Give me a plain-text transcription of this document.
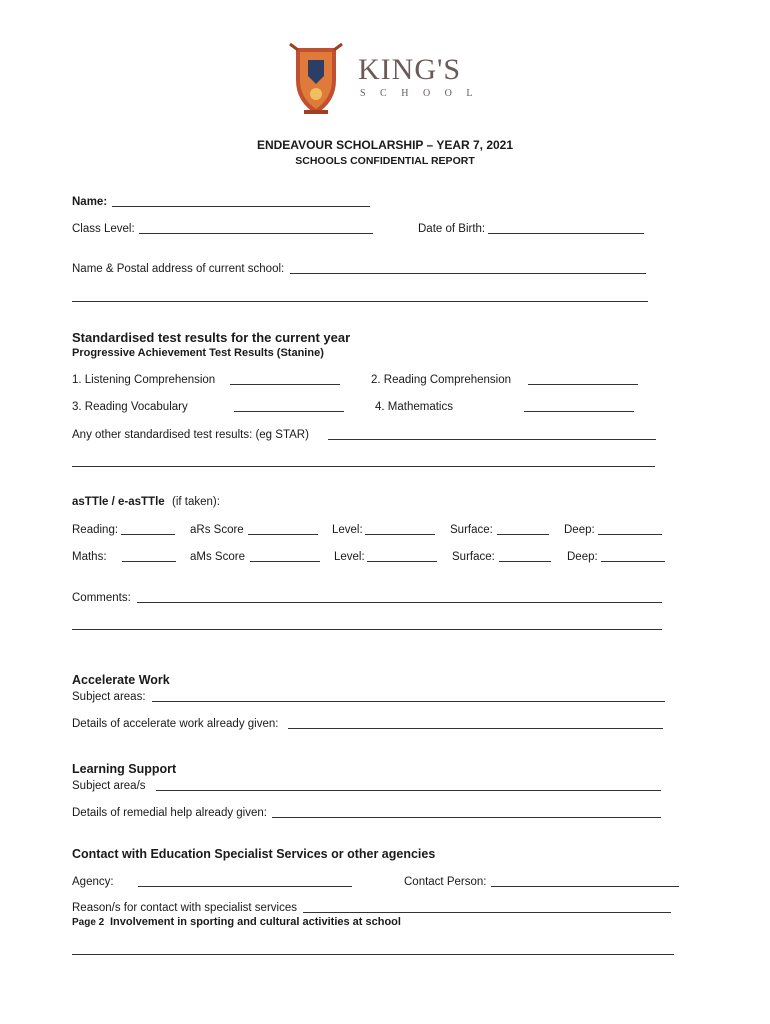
KING'S
S C H O O L
ENDEAVOUR SCHOLARSHIP – YEAR 7, 2021
SCHOOLS CONFIDENTIAL REPORT
Name:
Class Level:	Date of Birth:
Name & Postal address of current school:
Standardised test results for the current year
Progressive Achievement Test Results (Stanine)
1. Listening Comprehension	2. Reading Comprehension
3. Reading Vocabulary	4. Mathematics
Any other standardised test results: (eg STAR)
asTTle / e-asTTle (if taken):
Reading:	aRs Score	Level:	Surface:	Deep:
Maths:	aMs Score	Level:	Surface:	Deep:
Comments:
Accelerate Work
Subject areas:
Details of accelerate work already given:
Learning Support
Subject area/s
Details of remedial help already given:
Contact with Education Specialist Services or other agencies
Agency:	Contact Person:
Reason/s for contact with specialist services
Page 2 Involvement in sporting and cultural activities at school
